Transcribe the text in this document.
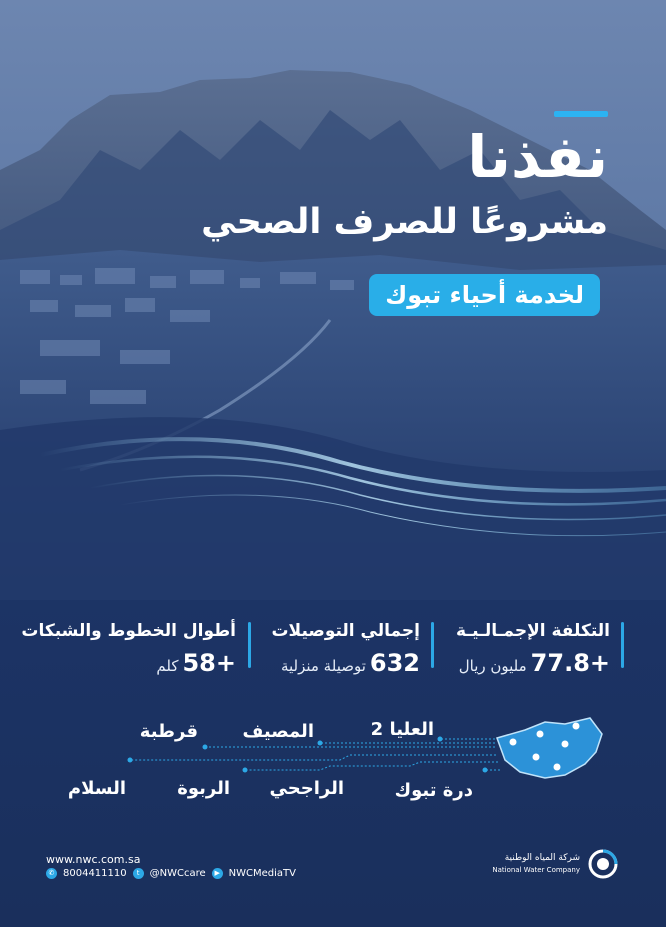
نفذنا
مشروعًا للصرف الصحي
لخدمة أحياء تبوك
التكلفة الإجمـالـيـة
+77.8مليون ريال
إجمالي التوصيلات
632توصيلة منزلية
أطوال الخطوط والشبكات
+58كلم
العليا 2
المصيف
قرطبة
درة تبوك
الراجحي
الربوة
السلام
www.nwc.com.sa
✆ 8004411110	t	@NWCcare	▶ NWCMediaTV
شركة المياه الوطنية
National Water Company
